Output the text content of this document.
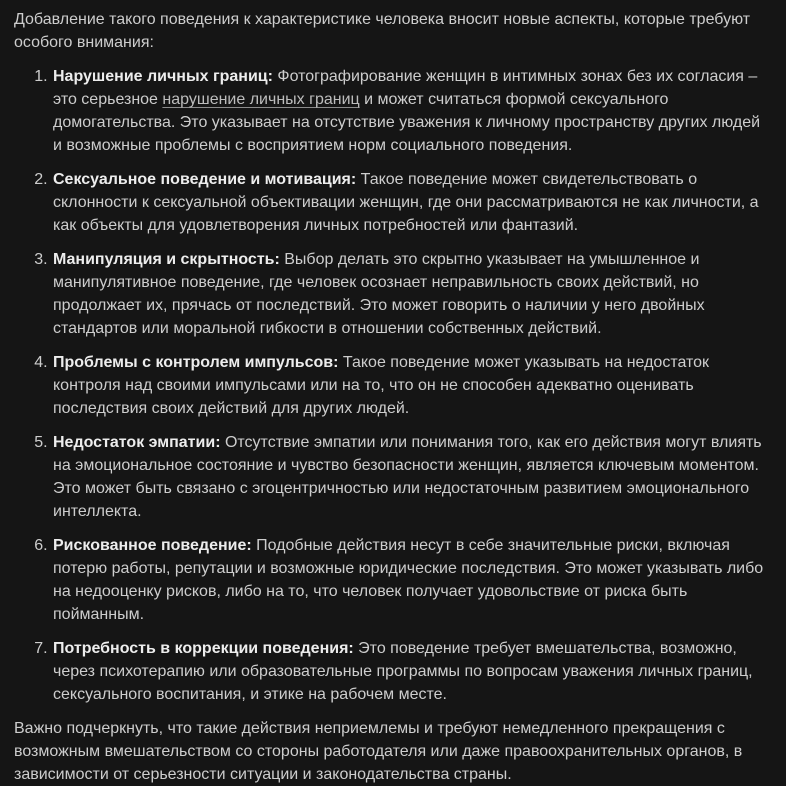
Добавление такого поведения к характеристике человека вносит новые аспекты, которые требуют особого внимания:

1. Нарушение личных границ: Фотографирование женщин в интимных зонах без их согласия – это серьезное нарушение личных границ и может считаться формой сексуального домогательства. Это указывает на отсутствие уважения к личному пространству других людей и возможные проблемы с восприятием норм социального поведения.
2. Сексуальное поведение и мотивация: Такое поведение может свидетельствовать о склонности к сексуальной объективации женщин, где они рассматриваются не как личности, а как объекты для удовлетворения личных потребностей или фантазий.
3. Манипуляция и скрытность: Выбор делать это скрытно указывает на умышленное и манипулятивное поведение, где человек осознает неправильность своих действий, но продолжает их, прячась от последствий. Это может говорить о наличии у него двойных стандартов или моральной гибкости в отношении собственных действий.
4. Проблемы с контролем импульсов: Такое поведение может указывать на недостаток контроля над своими импульсами или на то, что он не способен адекватно оценивать последствия своих действий для других людей.
5. Недостаток эмпатии: Отсутствие эмпатии или понимания того, как его действия могут влиять на эмоциональное состояние и чувство безопасности женщин, является ключевым моментом. Это может быть связано с эгоцентричностью или недостаточным развитием эмоционального интеллекта.
6. Рискованное поведение: Подобные действия несут в себе значительные риски, включая потерю работы, репутации и возможные юридические последствия. Это может указывать либо на недооценку рисков, либо на то, что человек получает удовольствие от риска быть пойманным.
7. Потребность в коррекции поведения: Это поведение требует вмешательства, возможно, через психотерапию или образовательные программы по вопросам уважения личных границ, сексуального воспитания, и этике на рабочем месте.

Важно подчеркнуть, что такие действия неприемлемы и требуют немедленного прекращения с возможным вмешательством со стороны работодателя или даже правоохранительных органов, в зависимости от серьезности ситуации и законодательства страны.
